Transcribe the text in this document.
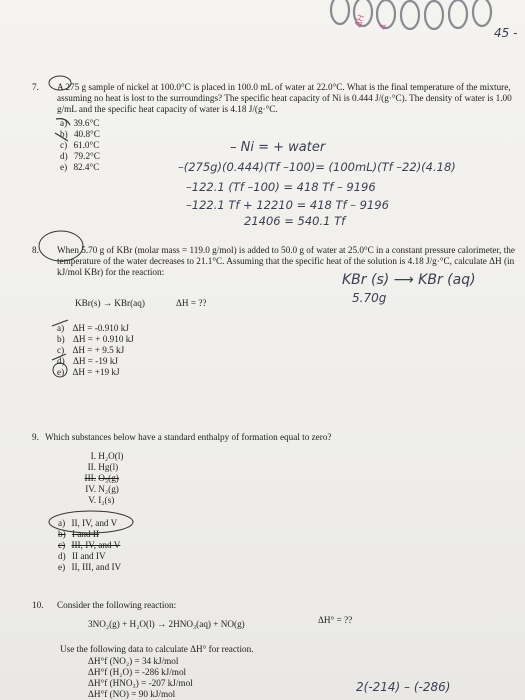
ΔH Δ	45 -
7. A 275 g sample of nickel at 100.0°C is placed in 100.0 mL of water at 22.0°C. What is the final temperature of the mixture,
assuming no heat is lost to the surroundings? The specific heat capacity of Ni is 0.444 J/(g·°C). The density of water is 1.00
g/mL and the specific heat capacity of water is 4.18 J/(g·°C.
a) 39.6°C
b) 40.8°C
c) 61.0°C
d) 79.2°C
e) 82.4°C
– Ni = + water
–(275g)(0.444)(Tf –100)= (100mL)(Tf –22)(4.18)
–122.1 (Tf –100) = 418 Tf – 9196
–122.1 Tf + 12210 = 418 Tf – 9196
21406 = 540.1 Tf
8. When 5.70 g of KBr (molar mass = 119.0 g/mol) is added to 50.0 g of water at 25.0°C in a constant pressure calorimeter, the
temperature of the water decreases to 21.1°C. Assuming that the specific heat of the solution is 4.18 J/g·°C, calculate ΔH (in
kJ/mol KBr) for the reaction:
KBr(s) → KBr(aq)	ΔH = ??
KBr (s) ⟶ KBr (aq)
5.70g
a) ΔH = -0.910 kJ
b) ΔH = + 0.910 kJ
c) ΔH = + 9.5 kJ
d) ΔH = -19 kJ
e) ΔH = +19 kJ
9. Which substances below have a standard enthalpy of formation equal to zero?
I. H₂O(l)
II. Hg(l)
III. O₃(g)
IV. N₂(g)
V. I₂(s)
a) II, IV, and V
b) I and II
c) III, IV, and V
d) II and IV
e) II, III, and IV
10. Consider the following reaction:
3NO₂(g) + H₂O(l) → 2HNO₃(aq) + NO(g)	ΔH° = ??
Use the following data to calculate ΔH° for reaction.
ΔH°f (NO₂) = 34 kJ/mol
ΔH°f (H₂O) = -286 kJ/mol
ΔH°f (HNO₃) = -207 kJ/mol
ΔH°f (NO) = 90 kJ/mol	2(-214) – (-286)
